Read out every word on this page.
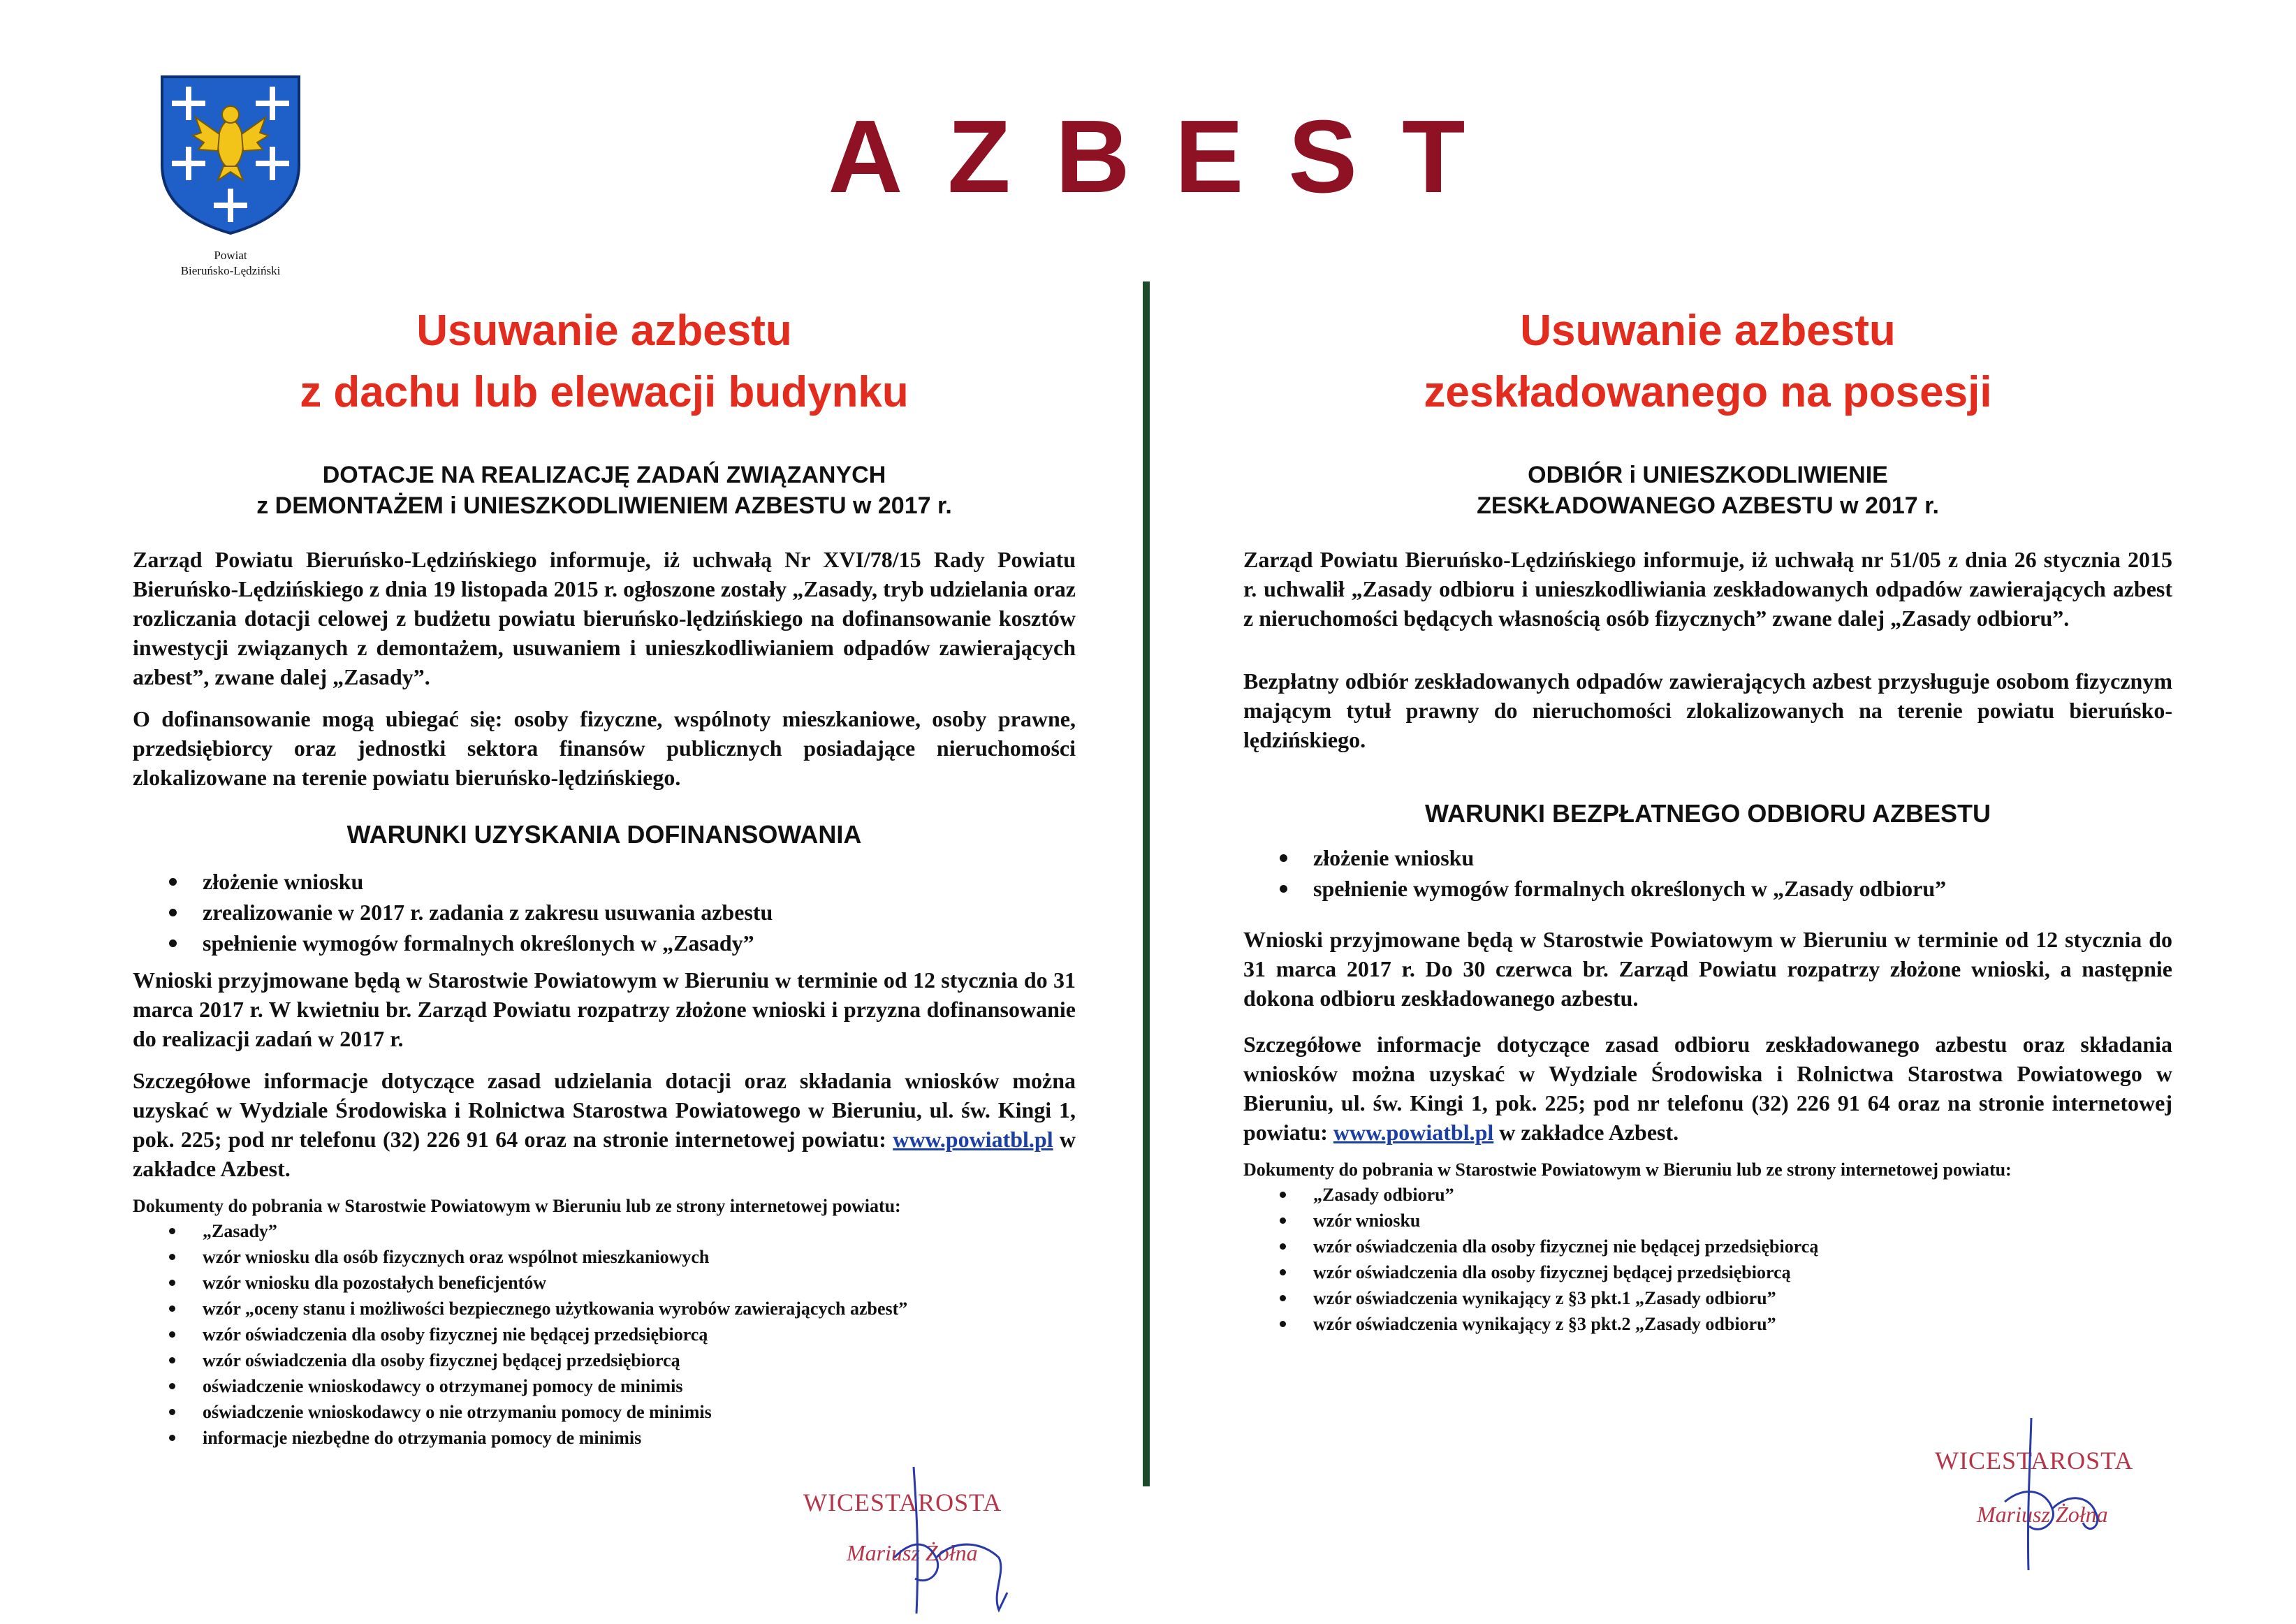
Powiat
Bieruńsko-Lędziński
AZBEST
Usuwanie azbestu
z dachu lub elewacji budynku
DOTACJE NA REALIZACJĘ ZADAŃ ZWIĄZANYCH
z DEMONTAŻEM i UNIESZKODLIWIENIEM AZBESTU w 2017 r.

Zarząd Powiatu Bieruńsko-Lędzińskiego informuje, iż uchwałą Nr XVI/78/15 Rady Powiatu Bieruńsko-Lędzińskiego z dnia 19 listopada 2015 r. ogłoszone zostały „Zasady, tryb udzielania oraz rozliczania dotacji celowej z budżetu powiatu bieruńsko-lędzińskiego na dofinansowanie kosztów inwestycji związanych z demontażem, usuwaniem i unieszkodliwianiem odpadów zawierających azbest”, zwane dalej „Zasady”.

O dofinansowanie mogą ubiegać się: osoby fizyczne, wspólnoty mieszkaniowe, osoby prawne, przedsiębiorcy oraz jednostki sektora finansów publicznych posiadające nieruchomości zlokalizowane na terenie powiatu bieruńsko-lędzińskiego.

WARUNKI UZYSKANIA DOFINANSOWANIA
złożenie wniosku
zrealizowanie w 2017 r. zadania z zakresu usuwania azbestu
spełnienie wymogów formalnych określonych w „Zasady”

Wnioski przyjmowane będą w Starostwie Powiatowym w Bieruniu w terminie od 12 stycznia do 31 marca 2017 r. W kwietniu br. Zarząd Powiatu rozpatrzy złożone wnioski i przyzna dofinansowanie do realizacji zadań w 2017 r.

Szczegółowe informacje dotyczące zasad udzielania dotacji oraz składania wniosków można uzyskać w Wydziale Środowiska i Rolnictwa Starostwa Powiatowego w Bieruniu, ul. św. Kingi 1, pok. 225; pod nr telefonu (32) 226 91 64 oraz na stronie internetowej powiatu: www.powiatbl.pl w zakładce Azbest.

Dokumenty do pobrania w Starostwie Powiatowym w Bieruniu lub ze strony internetowej powiatu:

„Zasady”
wzór wniosku dla osób fizycznych oraz wspólnot mieszkaniowych
wzór wniosku dla pozostałych beneficjentów
wzór „oceny stanu i możliwości bezpiecznego użytkowania wyrobów zawierających azbest”
wzór oświadczenia dla osoby fizycznej nie będącej przedsiębiorcą
wzór oświadczenia dla osoby fizycznej będącej przedsiębiorcą
oświadczenie wnioskodawcy o otrzymanej pomocy de minimis
oświadczenie wnioskodawcy o nie otrzymaniu pomocy de minimis
informacje niezbędne do otrzymania pomocy de minimis
Usuwanie azbestu
zeskładowanego na posesji
ODBIÓR i UNIESZKODLIWIENIE
ZESKŁADOWANEGO AZBESTU w 2017 r.

Zarząd Powiatu Bieruńsko-Lędzińskiego informuje, iż uchwałą nr 51/05 z dnia 26 stycznia 2015 r. uchwalił „Zasady odbioru i unieszkodliwiania zeskładowanych odpadów zawierających azbest z nieruchomości będących własnością osób fizycznych” zwane dalej „Zasady odbioru”.

Bezpłatny odbiór zeskładowanych odpadów zawierających azbest przysługuje osobom fizycznym mającym tytuł prawny do nieruchomości zlokalizowanych na terenie powiatu bieruńsko-lędzińskiego.

WARUNKI BEZPŁATNEGO ODBIORU AZBESTU
złożenie wniosku
spełnienie wymogów formalnych określonych w „Zasady odbioru”

Wnioski przyjmowane będą w Starostwie Powiatowym w Bieruniu w terminie od 12 stycznia do 31 marca 2017 r. Do 30 czerwca br. Zarząd Powiatu rozpatrzy złożone wnioski, a następnie dokona odbioru zeskładowanego azbestu.

Szczegółowe informacje dotyczące zasad odbioru zeskładowanego azbestu oraz składania wniosków można uzyskać w Wydziale Środowiska i Rolnictwa Starostwa Powiatowego w Bieruniu, ul. św. Kingi 1, pok. 225; pod nr telefonu (32) 226 91 64 oraz na stronie internetowej powiatu: www.powiatbl.pl w zakładce Azbest.

Dokumenty do pobrania w Starostwie Powiatowym w Bieruniu lub ze strony internetowej powiatu:

„Zasady odbioru”
wzór wniosku
wzór oświadczenia dla osoby fizycznej nie będącej przedsiębiorcą
wzór oświadczenia dla osoby fizycznej będącej przedsiębiorcą
wzór oświadczenia wynikający z §3 pkt.1 „Zasady odbioru”
wzór oświadczenia wynikający z §3 pkt.2 „Zasady odbioru”
WICESTAROSTA
Mariusz Żołna
WICESTAROSTA
Mariusz Żołna
